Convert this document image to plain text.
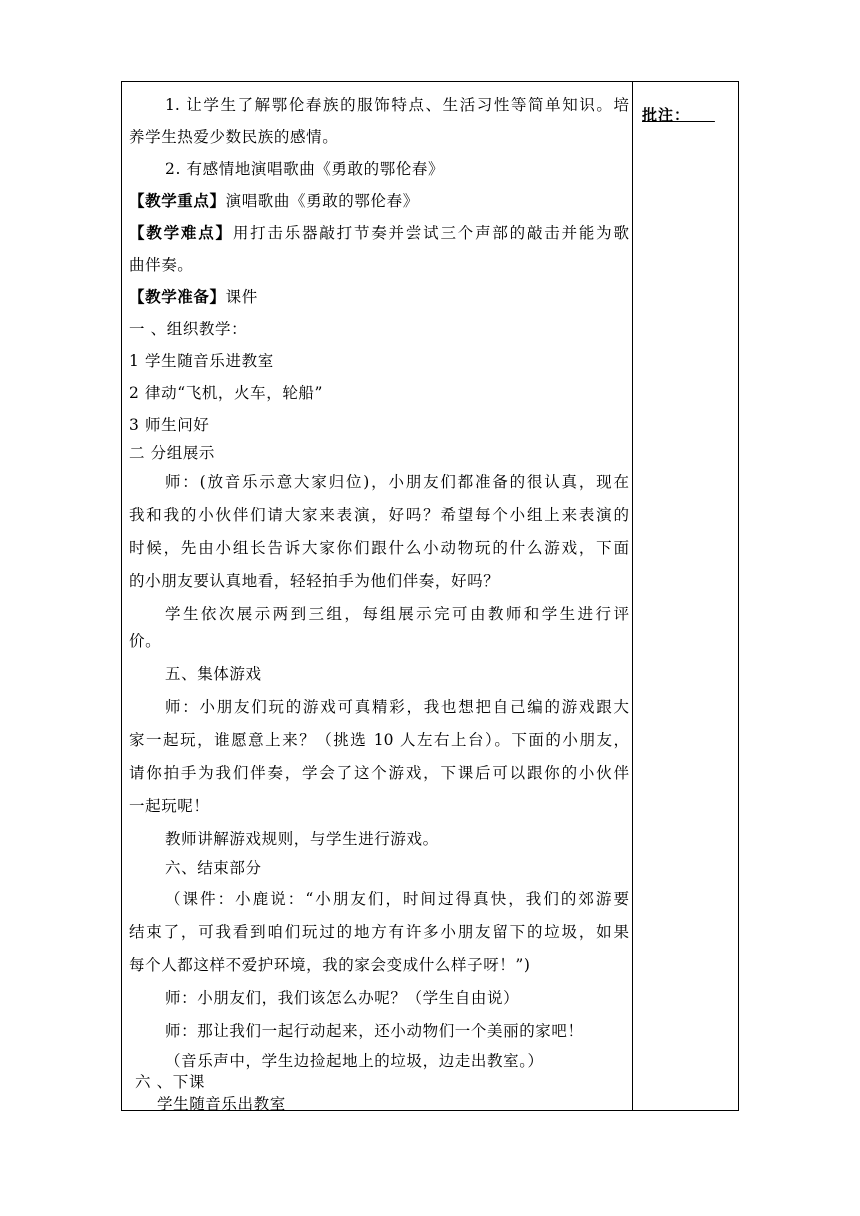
1. 让学生了解鄂伦春族的服饰特点、生活习性等简单知识。培
养学生热爱少数民族的感情。
2. 有感情地演唱歌曲《勇敢的鄂伦春》
【教学重点】演唱歌曲《勇敢的鄂伦春》
【教学难点】用打击乐器敲打节奏并尝试三个声部的敲击并能为歌
曲伴奏。
【教学准备】课件
一 、组织教学：
1 学生随音乐进教室
2 律动“飞机，火车，轮船”
3 师生问好
二 分组展示
师：(放音乐示意大家归位)，小朋友们都准备的很认真，现在
我和我的小伙伴们请大家来表演，好吗？希望每个小组上来表演的
时候，先由小组长告诉大家你们跟什么小动物玩的什么游戏，下面
的小朋友要认真地看，轻轻拍手为他们伴奏，好吗？
学生依次展示两到三组，每组展示完可由教师和学生进行评
价。
五、集体游戏
师：小朋友们玩的游戏可真精彩，我也想把自己编的游戏跟大
家一起玩，谁愿意上来？（挑选 10 人左右上台）。下面的小朋友，
请你拍手为我们伴奏，学会了这个游戏，下课后可以跟你的小伙伴
一起玩呢！
教师讲解游戏规则，与学生进行游戏。
六、结束部分
（课件：小鹿说：“小朋友们，时间过得真快，我们的郊游要
结束了，可我看到咱们玩过的地方有许多小朋友留下的垃圾，如果
每个人都这样不爱护环境，我的家会变成什么样子呀！”)
师：小朋友们，我们该怎么办呢？（学生自由说）
师：那让我们一起行动起来，还小动物们一个美丽的家吧！
（音乐声中，学生边捡起地上的垃圾，边走出教室。）
六 、下课
学生随音乐出教室
批注：
